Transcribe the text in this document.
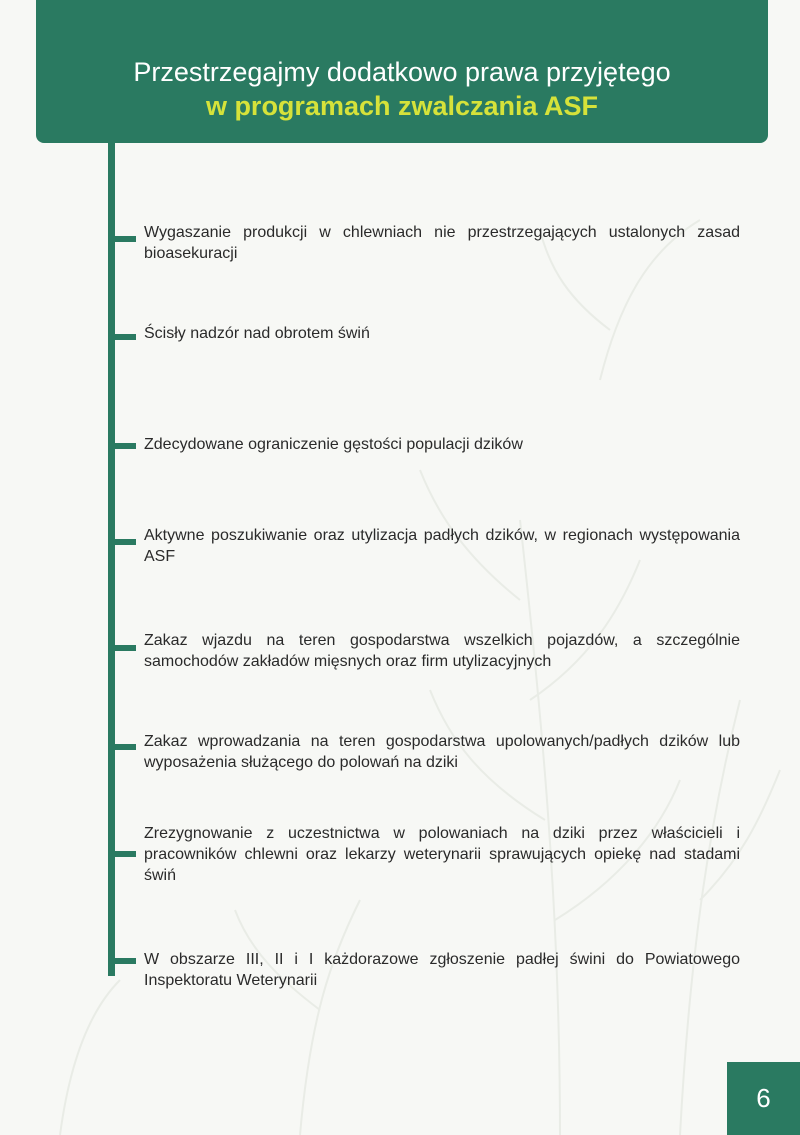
Przestrzegajmy dodatkowo prawa przyjętego
w programach zwalczania ASF
Wygaszanie produkcji w chlewniach nie przestrzegających ustalonych zasad bioasekuracji
Ścisły nadzór nad obrotem świń
Zdecydowane ograniczenie gęstości populacji dzików
Aktywne poszukiwanie oraz utylizacja padłych dzików, w regionach występowania ASF
Zakaz wjazdu na teren gospodarstwa wszelkich pojazdów, a szczególnie samochodów zakładów mięsnych oraz firm utylizacyjnych
Zakaz wprowadzania na teren gospodarstwa upolowanych/padłych dzików lub wyposażenia służącego do polowań na dziki
Zrezygnowanie z uczestnictwa w polowaniach na dziki przez właścicieli i pracowników chlewni oraz lekarzy weterynarii sprawujących opiekę nad stadami świń
W obszarze III, II i I każdorazowe zgłoszenie padłej świni do Powiatowego Inspektoratu Weterynarii
6
